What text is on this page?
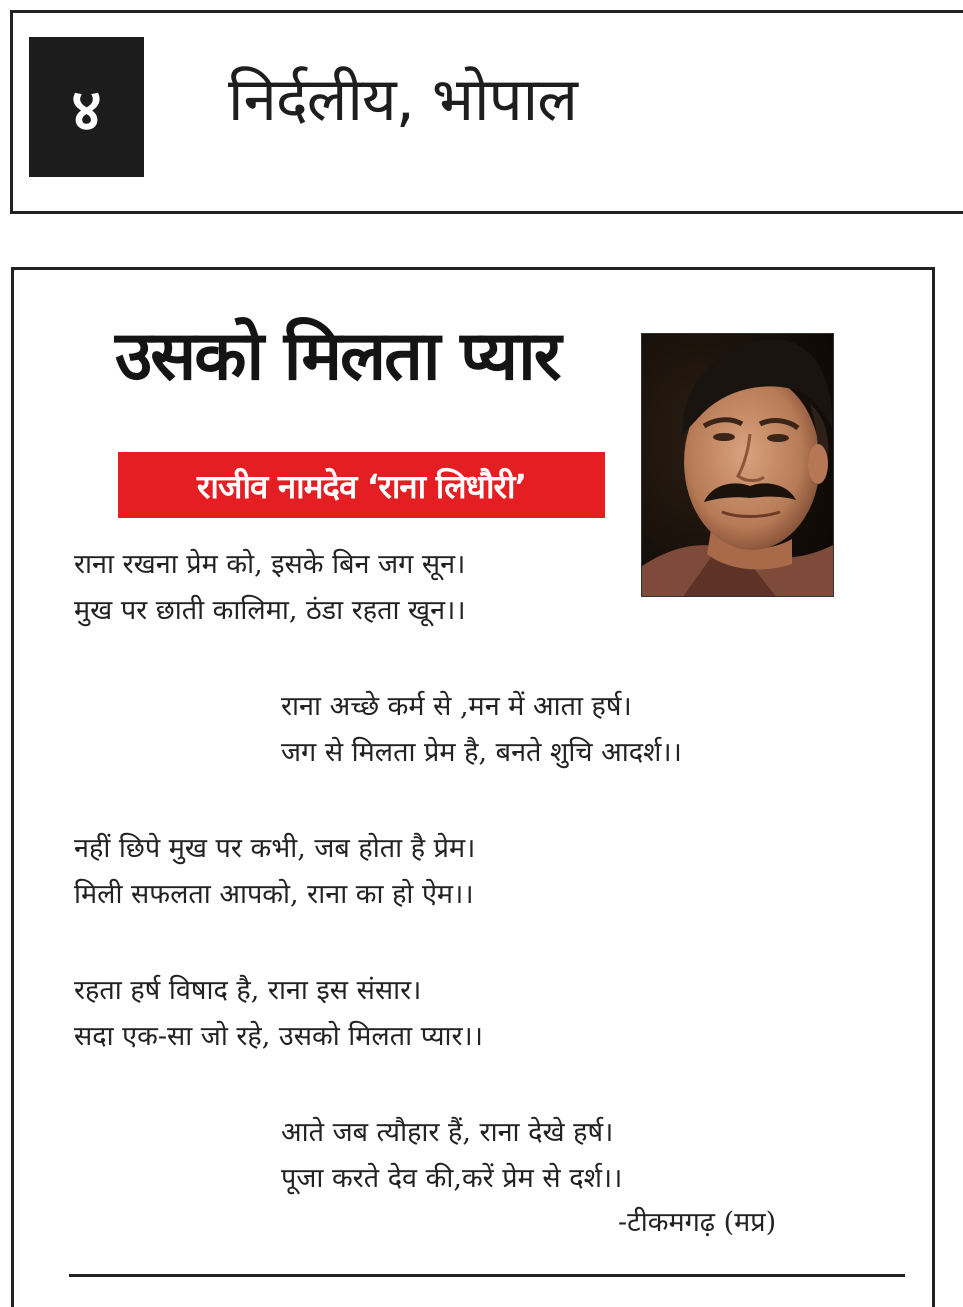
४	निर्दलीय, भोपाल
उसको मिलता प्यार
राजीव नामदेव ‘राना लिधौरी’
राना रखना प्रेम को, इसके बिन जग सून।
मुख पर छाती कालिमा, ठंडा रहता खून।।
राना अच्छे कर्म से ,मन में आता हर्ष।
जग से मिलता प्रेम है, बनते शुचि आदर्श।।
नहीं छिपे मुख पर कभी, जब होता है प्रेम।
मिली सफलता आपको, राना का हो ऐम।।
रहता हर्ष विषाद है, राना इस संसार।
सदा एक-सा जो रहे, उसको मिलता प्यार।।
आते जब त्यौहार हैं, राना देखे हर्ष।
पूजा करते देव की,करें प्रेम से दर्श।।
-टीकमगढ़ (मप्र)
